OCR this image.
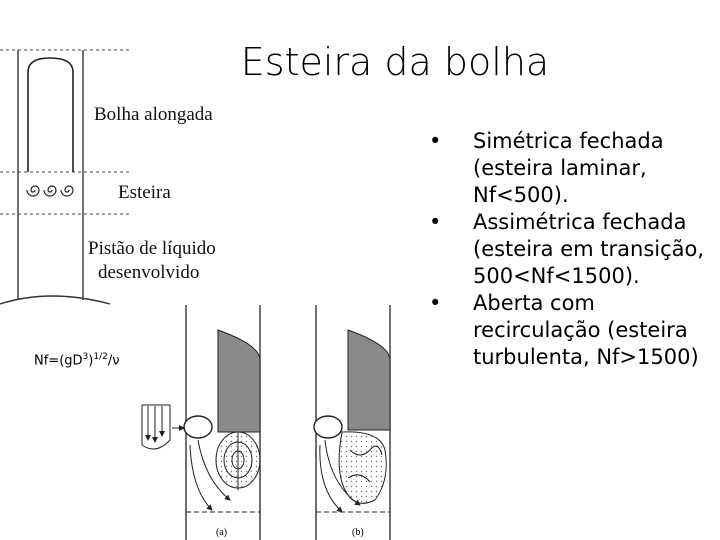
Esteira da bolha
Bolha alongada
Esteira
Pistão de líquido
desenvolvido
$Nf=(gD^3)^{1/2}/\nu$
• Simétrica fechada (esteira laminar, Nf<500).
• Assimétrica fechada (esteira em transição, 500<Nf<1500).
• Aberta com recirculação (esteira turbulenta, Nf>1500)
(a)	(b)
